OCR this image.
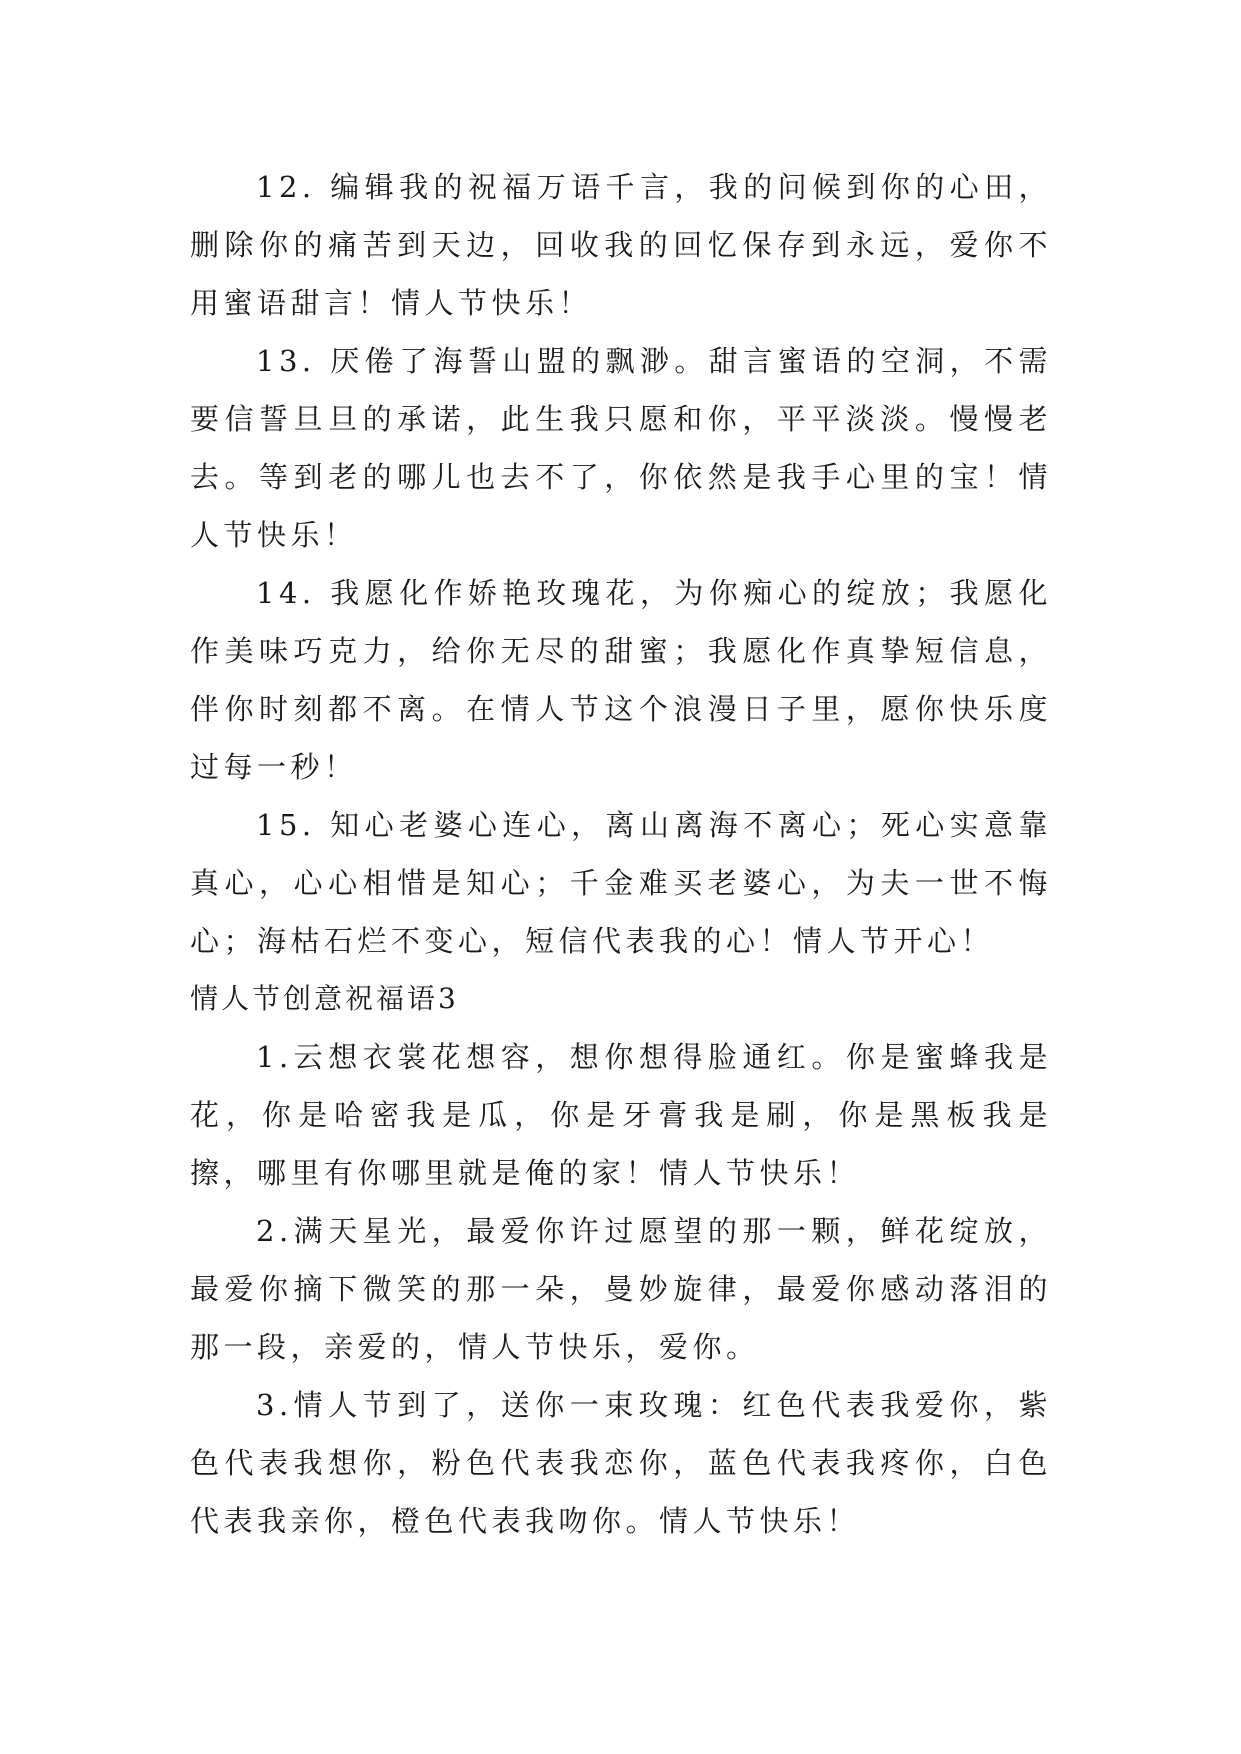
12. 编辑我的祝福万语千言，我的问候到你的心田，删除你的痛苦到天边，回收我的回忆保存到永远，爱你不用蜜语甜言！情人节快乐！

13. 厌倦了海誓山盟的飘渺。甜言蜜语的空洞，不需要信誓旦旦的承诺，此生我只愿和你，平平淡淡。慢慢老去。等到老的哪儿也去不了，你依然是我手心里的宝！情人节快乐！

14. 我愿化作娇艳玫瑰花，为你痴心的绽放；我愿化作美味巧克力，给你无尽的甜蜜；我愿化作真挚短信息，伴你时刻都不离。在情人节这个浪漫日子里，愿你快乐度过每一秒！

15. 知心老婆心连心，离山离海不离心；死心实意靠真心，心心相惜是知心；千金难买老婆心，为夫一世不悔心；海枯石烂不变心，短信代表我的心！情人节开心！

情人节创意祝福语3

1.云想衣裳花想容，想你想得脸通红。你是蜜蜂我是花，你是哈密我是瓜，你是牙膏我是刷，你是黑板我是擦，哪里有你哪里就是俺的家！情人节快乐！

2.满天星光，最爱你许过愿望的那一颗，鲜花绽放，最爱你摘下微笑的那一朵，曼妙旋律，最爱你感动落泪的那一段，亲爱的，情人节快乐，爱你。

3.情人节到了，送你一束玫瑰：红色代表我爱你，紫色代表我想你，粉色代表我恋你，蓝色代表我疼你，白色代表我亲你，橙色代表我吻你。情人节快乐！
